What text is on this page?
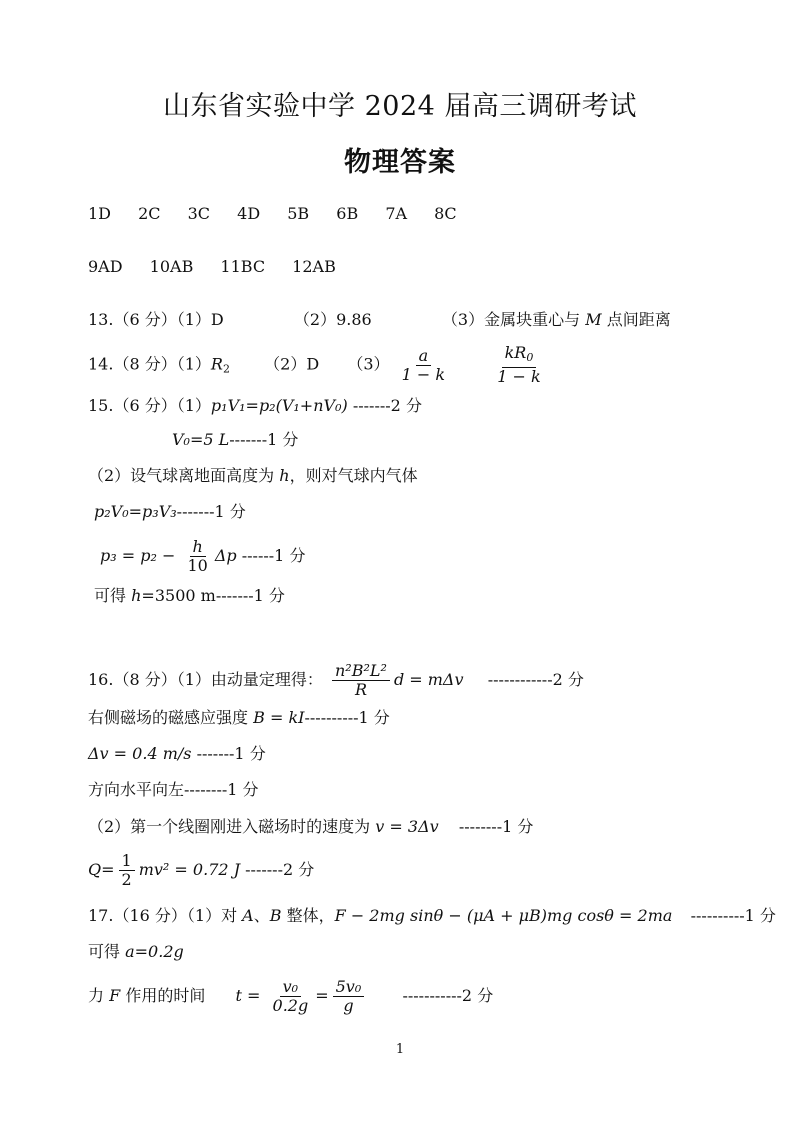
山东省实验中学 2024 届高三调研考试
物理答案
1D 2C 3C 4D 5B 6B 7A 8C
9AD 10AB 11BC 12AB
13.（6 分）（1）D	（2）9.86	（3）金属块重心与 M 点间距离
14.（8 分）$(1)R_2$ （2）D $(3) \frac{a}{1 - k}$
	$\frac{kR_0}{1 - k}$
15.（6 分）（1）p₁V₁=p₂(V₁+nV₀) -------2 分
V₀=5 L-------1 分
（2）设气球离地面高度为 h，则对气球内气体
p₂V₀=p₃V₃-------1 分
$p_3 = p_2 - \frac{h}{10}$ Δp ------1 分
可得 h=3500 m-------1 分
16.（8 分）（1）由动量定理得： $\frac{\text{n²B²L²}}{R}$ d = mΔv ------------2 分
右侧磁场的磁感应强度 B = kI----------1 分
Δv = 0.4 m/s -------1 分
方向水平向左--------1 分
（2）第一个线圈刚进入磁场时的速度为 v = 3Δv --------1 分
$Q= \frac{1}{2} mv^2 = 0.72$ J -------2 分
17.（16 分）（1）对 A、B 整体，F − 2mg sinθ − (μA + μB)mg cosθ = 2ma ----------1 分
可得 a=0.2g
力 F 作用的时间 $t = \frac{\text{v₀}}{0.2g} = \frac{\text{5v₀}}{g} -----------2$ 分
1
